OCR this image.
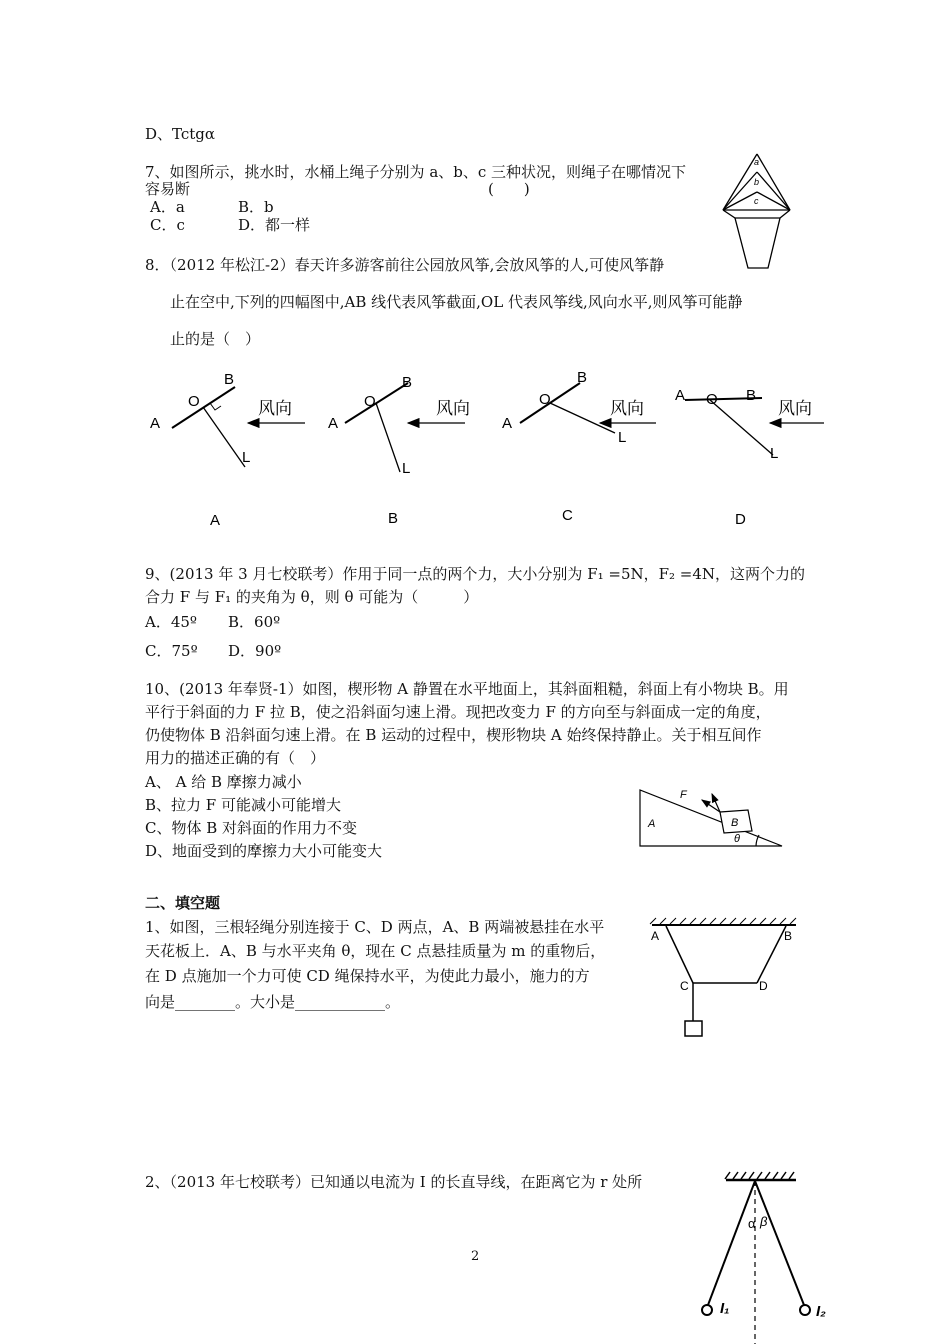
D、Tctgα
7、如图所示，挑水时，水桶上绳子分别为 a、b、c 三种状况，则绳子在哪情况下
容易断	(　　)
A．a	B．b
C．c	D．都一样
a
b
c
8．（2012 年松江-2）春天许多游客前往公园放风筝,会放风筝的人,可使风筝静
止在空中,下列的四幅图中,AB 线代表风筝截面,OL 代表风筝线,风向水平,则风筝可能静
止的是（　）
A
O
B
L
风向
A
A
O
B
L
风向
B
A
O
B
L
风向
C
A O B
L
风向
D
9、(2013 年 3 月七校联考）作用于同一点的两个力，大小分别为 F₁ =5N，F₂ =4N，这两个力的
合力 F 与 F₁ 的夹角为 θ，则 θ 可能为（　　　）
A．45º B．60º
C．75º D．90º
10、(2013 年奉贤-1）如图，楔形物 A 静置在水平地面上，其斜面粗糙，斜面上有小物块 B。用
平行于斜面的力 F 拉 B，使之沿斜面匀速上滑。现把改变力 F 的方向至与斜面成一定的角度，
仍使物体 B 沿斜面匀速上滑。在 B 运动的过程中，楔形物块 A 始终保持静止。关于相互间作
用力的描述正确的有（　）
A、 A 给 B 摩擦力减小
B、拉力 F 可能减小可能增大
C、物体 B 对斜面的作用力不变
D、地面受到的摩擦力大小可能变大
F
B
A
θ
二、填空题
1、如图，三根轻绳分别连接于 C、D 两点，A、B 两端被悬挂在水平
天花板上．A、B 与水平夹角 θ，现在 C 点悬挂质量为 m 的重物后，
在 D 点施加一个力可使 CD 绳保持水平，为使此力最小，施力的方
向是________。大小是____________。
A	B
C	D
2、（2013 年七校联考）已知通以电流为 I 的长直导线，在距离它为 r 处所
α β
I₁	I₂
2
